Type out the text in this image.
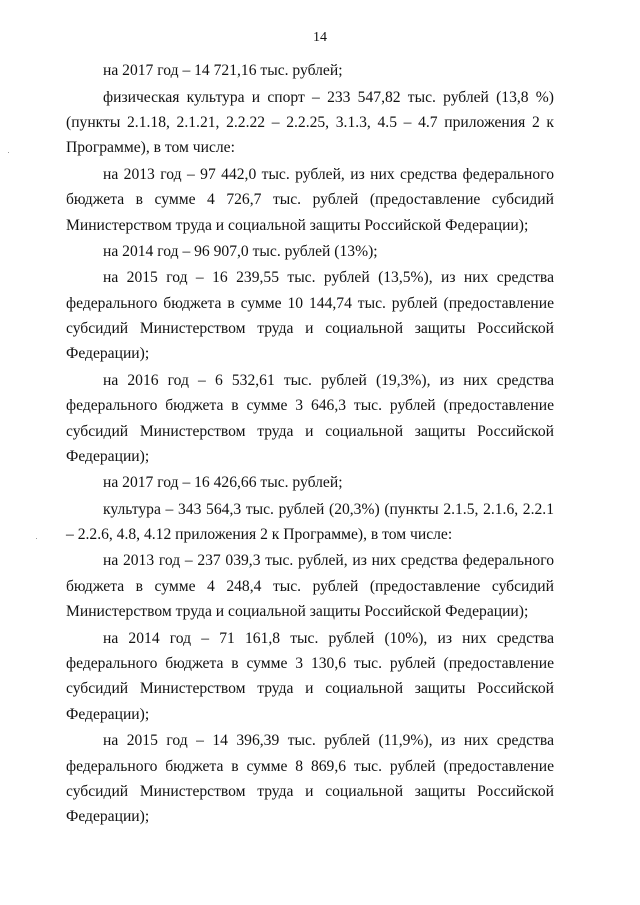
14

на 2017 год – 14 721,16 тыс. рублей;

физическая культура и спорт – 233 547,82 тыс. рублей (13,8 %) (пункты 2.1.18, 2.1.21, 2.2.22 – 2.2.25, 3.1.3, 4.5 – 4.7 приложения 2 к Программе), в том числе:

на 2013 год – 97 442,0 тыс. рублей, из них средства федерального бюджета в сумме 4 726,7 тыс. рублей (предоставление субсидий Министерством труда и социальной защиты Российской Федерации);

на 2014 год – 96 907,0 тыс. рублей (13%);

на 2015 год – 16 239,55 тыс. рублей (13,5%), из них средства федерального бюджета в сумме 10 144,74 тыс. рублей (предоставление субсидий Министерством труда и социальной защиты Российской Федерации);

на 2016 год – 6 532,61 тыс. рублей (19,3%), из них средства федерального бюджета в сумме 3 646,3 тыс. рублей (предоставление субсидий Министерством труда и социальной защиты Российской Федерации);

на 2017 год – 16 426,66 тыс. рублей;

культура – 343 564,3 тыс. рублей (20,3%) (пункты 2.1.5, 2.1.6, 2.2.1 – 2.2.6, 4.8, 4.12 приложения 2 к Программе), в том числе:

на 2013 год – 237 039,3 тыс. рублей, из них средства федерального бюджета в сумме 4 248,4 тыс. рублей (предоставление субсидий Министерством труда и социальной защиты Российской Федерации);

на 2014 год – 71 161,8 тыс. рублей (10%), из них средства федерального бюджета в сумме 3 130,6 тыс. рублей (предоставление субсидий Министерством труда и социальной защиты Российской Федерации);

на 2015 год – 14 396,39 тыс. рублей (11,9%), из них средства федерального бюджета в сумме 8 869,6 тыс. рублей (предоставление субсидий Министерством труда и социальной защиты Российской Федерации);
